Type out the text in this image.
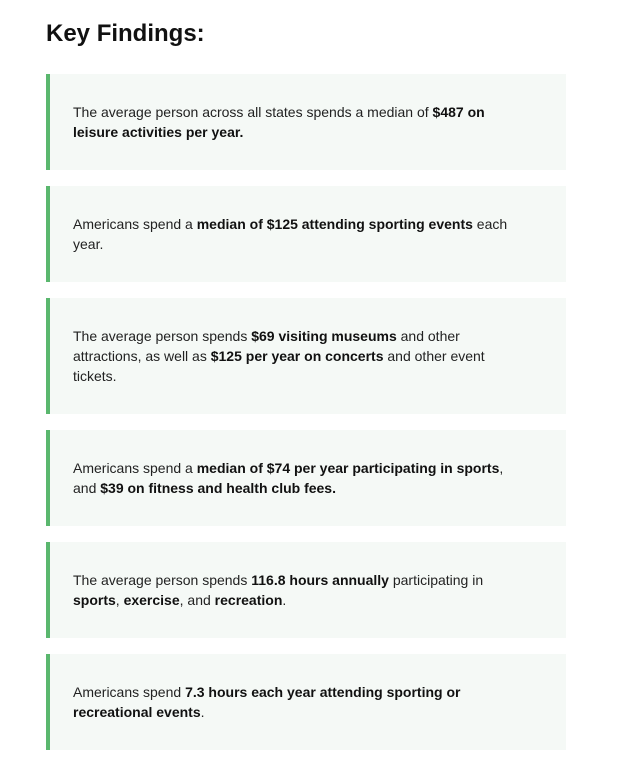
Key Findings:

The average person across all states spends a median of $487 on leisure activities per year.

Americans spend a median of $125 attending sporting events each year.

The average person spends $69 visiting museums and other attractions, as well as $125 per year on concerts and other event tickets.

Americans spend a median of $74 per year participating in sports, and $39 on fitness and health club fees.

The average person spends 116.8 hours annually participating in sports, exercise, and recreation.

Americans spend 7.3 hours each year attending sporting or recreational events.
